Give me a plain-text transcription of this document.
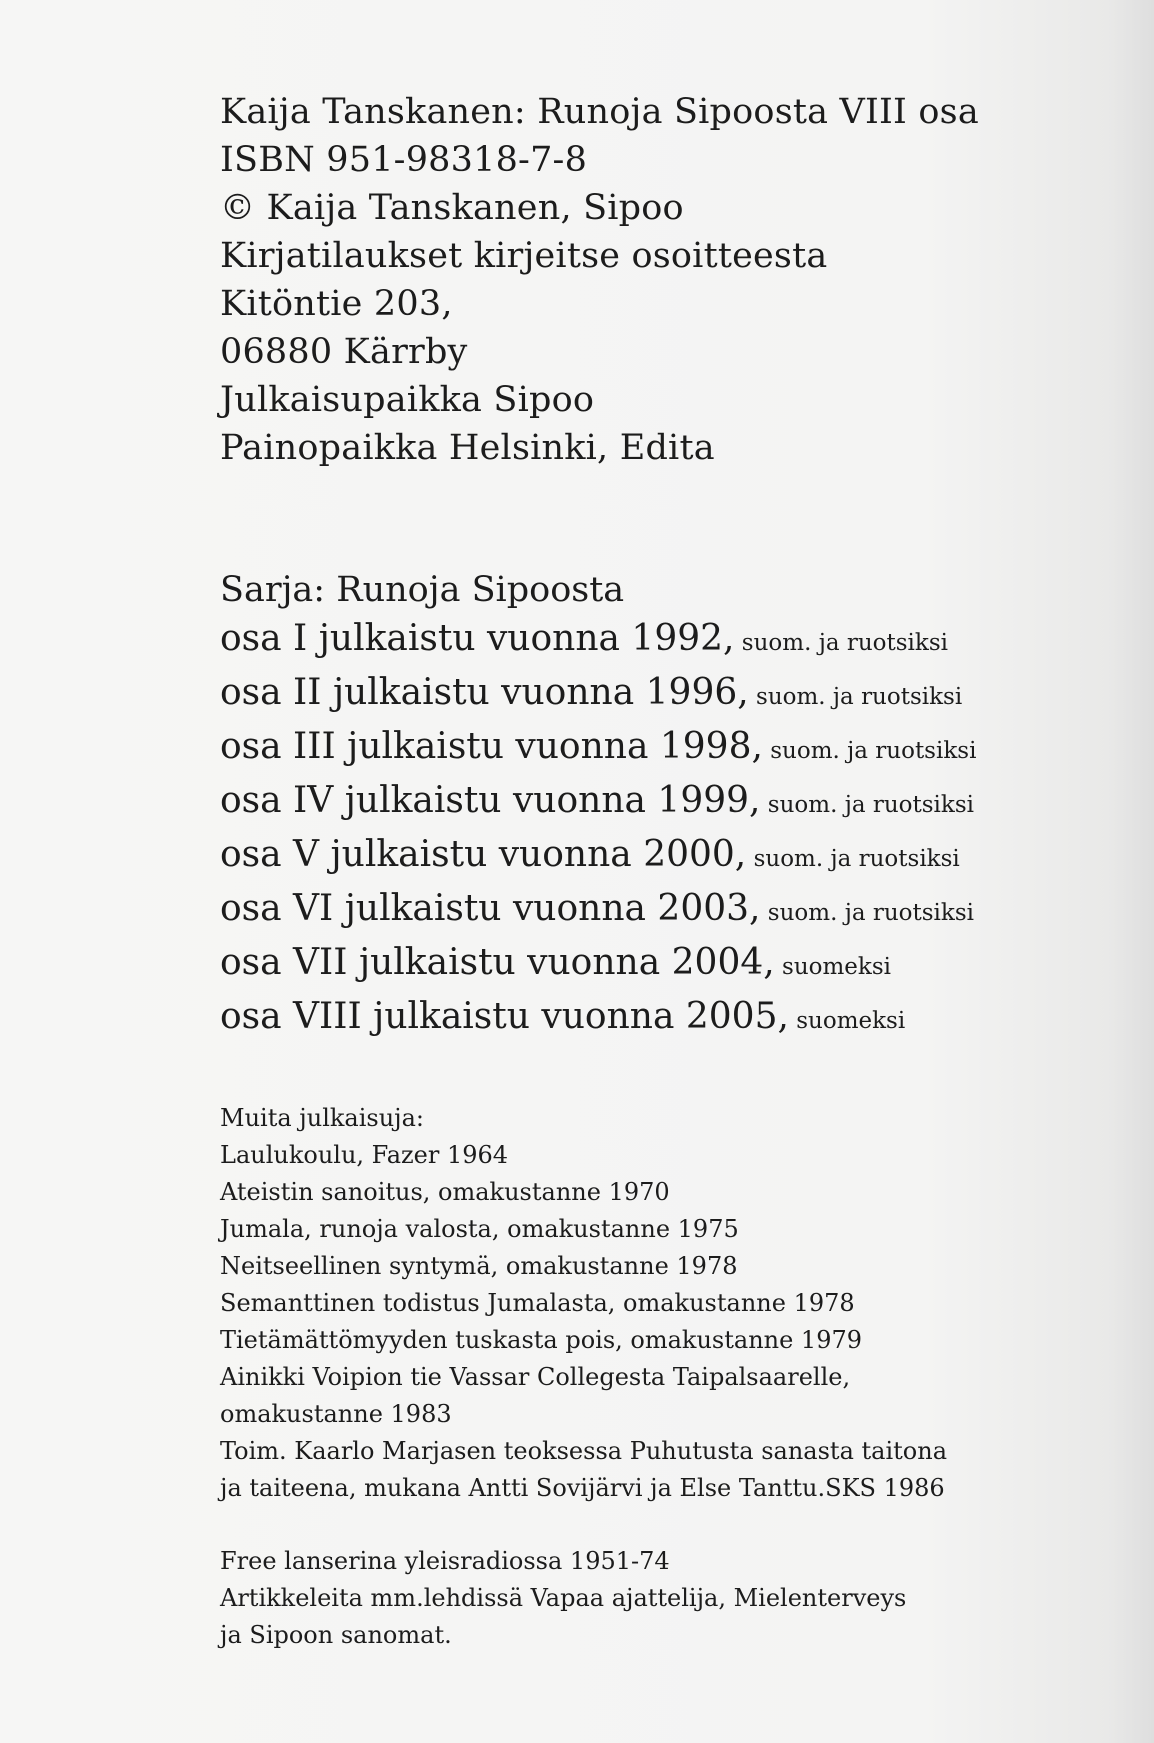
Kaija Tanskanen: Runoja Sipoosta VIII osa
ISBN 951-98318-7-8
© Kaija Tanskanen, Sipoo
Kirjatilaukset kirjeitse osoitteesta
Kitöntie 203,
06880 Kärrby
Julkaisupaikka Sipoo
Painopaikka Helsinki, Edita
Sarja: Runoja Sipoosta
osa I julkaistu vuonna 1992, suom. ja ruotsiksi
osa II julkaistu vuonna 1996, suom. ja ruotsiksi
osa III julkaistu vuonna 1998, suom. ja ruotsiksi
osa IV julkaistu vuonna 1999, suom. ja ruotsiksi
osa V julkaistu vuonna 2000, suom. ja ruotsiksi
osa VI julkaistu vuonna 2003, suom. ja ruotsiksi
osa VII julkaistu vuonna 2004, suomeksi
osa VIII julkaistu vuonna 2005, suomeksi
Muita julkaisuja:
Laulukoulu, Fazer 1964
Ateistin sanoitus, omakustanne 1970
Jumala, runoja valosta, omakustanne 1975
Neitseellinen syntymä, omakustanne 1978
Semanttinen todistus Jumalasta, omakustanne 1978
Tietämättömyyden tuskasta pois, omakustanne 1979
Ainikki Voipion tie Vassar Collegesta Taipalsaarelle,
omakustanne 1983
Toim. Kaarlo Marjasen teoksessa Puhutusta sanasta taitona
ja taiteena, mukana Antti Sovijärvi ja Else Tanttu.SKS 1986
Free lanserina yleisradiossa 1951-74
Artikkeleita mm.lehdissä Vapaa ajattelija, Mielenterveys
ja Sipoon sanomat.
